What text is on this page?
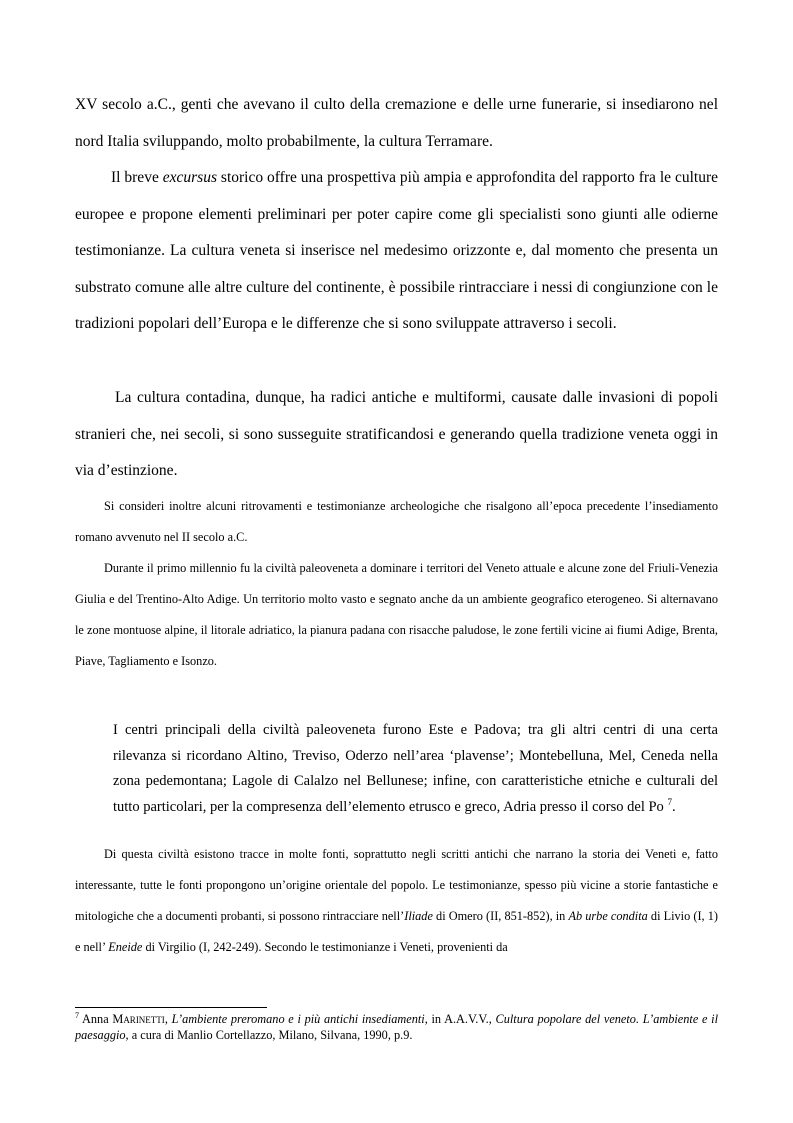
XV secolo a.C., genti che avevano il culto della cremazione e delle urne funerarie, si insediarono nel nord Italia sviluppando, molto probabilmente, la cultura Terramare.

Il breve excursus storico offre una prospettiva più ampia e approfondita del rapporto fra le culture europee e propone elementi preliminari per poter capire come gli specialisti sono giunti alle odierne testimonianze. La cultura veneta si inserisce nel medesimo orizzonte e, dal momento che presenta un substrato comune alle altre culture del continente, è possibile rintracciare i nessi di congiunzione con le tradizioni popolari dell’Europa e le differenze che si sono sviluppate attraverso i secoli.

La cultura contadina, dunque, ha radici antiche e multiformi, causate dalle invasioni di popoli stranieri che, nei secoli, si sono susseguite stratificandosi e generando quella tradizione veneta oggi in via d’estinzione.

Si consideri inoltre alcuni ritrovamenti e testimonianze archeologiche che risalgono all’epoca precedente l’insediamento romano avvenuto nel II secolo a.C.

Durante il primo millennio fu la civiltà paleoveneta a dominare i territori del Veneto attuale e alcune zone del Friuli-Venezia Giulia e del Trentino-Alto Adige. Un territorio molto vasto e segnato anche da un ambiente geografico eterogeneo. Si alternavano le zone montuose alpine, il litorale adriatico, la pianura padana con risacche paludose, le zone fertili vicine ai fiumi Adige, Brenta, Piave, Tagliamento e Isonzo.

I centri principali della civiltà paleoveneta furono Este e Padova; tra gli altri centri di una certa rilevanza si ricordano Altino, Treviso, Oderzo nell’area ‘plavense’; Montebelluna, Mel, Ceneda nella zona pedemontana; Lagole di Calalzo nel Bellunese; infine, con caratteristiche etniche e culturali del tutto particolari, per la compresenza dell’elemento etrusco e greco, Adria presso il corso del Po $^7$.

Di questa civiltà esistono tracce in molte fonti, soprattutto negli scritti antichi che narrano la storia dei Veneti e, fatto interessante, tutte le fonti propongono un’origine orientale del popolo. Le testimonianze, spesso più vicine a storie fantastiche e mitologiche che a documenti probanti, si possono rintracciare nell’Iliade di Omero (II, 851-852), in Ab urbe condita di Livio (I, 1) e nell’ Eneide di Virgilio (I, 242-249). Secondo le testimonianze i Veneti, provenienti da

$^7$ Anna Marinetti, L’ambiente preromano e i più antichi insediamenti, in A.A.V.V., Cultura popolare del veneto. L’ambiente e il paesaggio, a cura di Manlio Cortellazzo, Milano, Silvana, 1990, p.9.
